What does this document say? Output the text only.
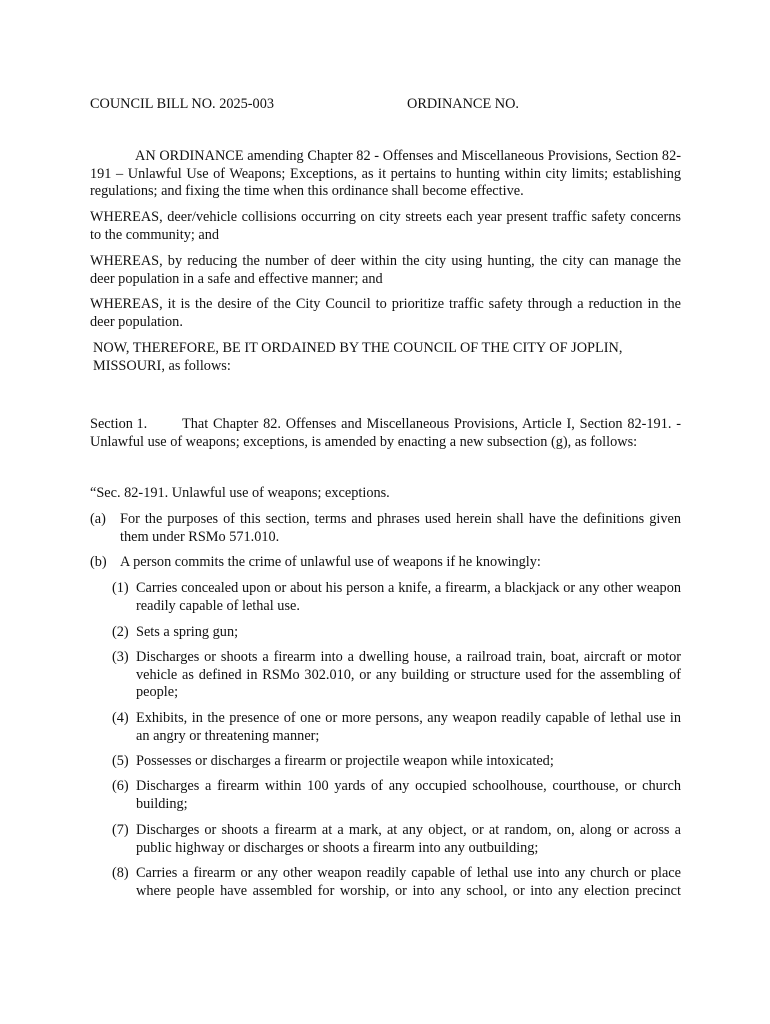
COUNCIL BILL NO. 2025-003	ORDINANCE NO.

AN ORDINANCE amending Chapter 82 - Offenses and Miscellaneous Provisions, Section 82-191 – Unlawful Use of Weapons; Exceptions, as it pertains to hunting within city limits; establishing regulations; and fixing the time when this ordinance shall become effective.

WHEREAS, deer/vehicle collisions occurring on city streets each year present traffic safety concerns to the community; and

WHEREAS, by reducing the number of deer within the city using hunting, the city can manage the deer population in a safe and effective manner; and

WHEREAS, it is the desire of the City Council to prioritize traffic safety through a reduction in the deer population.

NOW, THEREFORE, BE IT ORDAINED BY THE COUNCIL OF THE CITY OF JOPLIN, MISSOURI, as follows:

Section 1. That Chapter 82. Offenses and Miscellaneous Provisions, Article I, Section 82-191. - Unlawful use of weapons; exceptions, is amended by enacting a new subsection (g), as follows:

“Sec. 82-191. Unlawful use of weapons; exceptions.

(a) For the purposes of this section, terms and phrases used herein shall have the definitions given them under RSMo 571.010.
(b) A person commits the crime of unlawful use of weapons if he knowingly:
(1) Carries concealed upon or about his person a knife, a firearm, a blackjack or any other weapon readily capable of lethal use.
(2) Sets a spring gun;
(3) Discharges or shoots a firearm into a dwelling house, a railroad train, boat, aircraft or motor vehicle as defined in RSMo 302.010, or any building or structure used for the assembling of people;
(4) Exhibits, in the presence of one or more persons, any weapon readily capable of lethal use in an angry or threatening manner;
(5) Possesses or discharges a firearm or projectile weapon while intoxicated;
(6) Discharges a firearm within 100 yards of any occupied schoolhouse, courthouse, or church building;
(7) Discharges or shoots a firearm at a mark, at any object, or at random, on, along or across a public highway or discharges or shoots a firearm into any outbuilding;
(8) Carries a firearm or any other weapon readily capable of lethal use into any church or place where people have assembled for worship, or into any school, or into any election precinct
